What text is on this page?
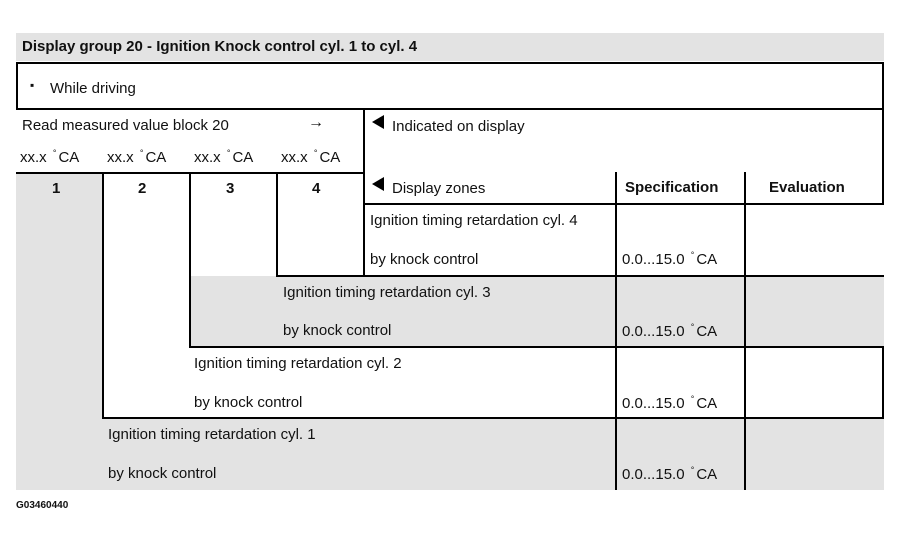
Display group 20 - Ignition Knock control cyl. 1 to cyl. 4
▪ While driving
Read measured value block 20	→
xx.x ° CA xx.x ° CA xx.x ° CA xx.x ° CA
Indicated on display
Display zones
1	2	3	4	Specification	Evaluation
Ignition timing retardation cyl. 4
by knock control	0.0...15.0 ° CA
Ignition timing retardation cyl. 3
by knock control	0.0...15.0 ° CA
Ignition timing retardation cyl. 2
by knock control	0.0...15.0 ° CA
Ignition timing retardation cyl. 1
by knock control	0.0...15.0 ° CA
G03460440
